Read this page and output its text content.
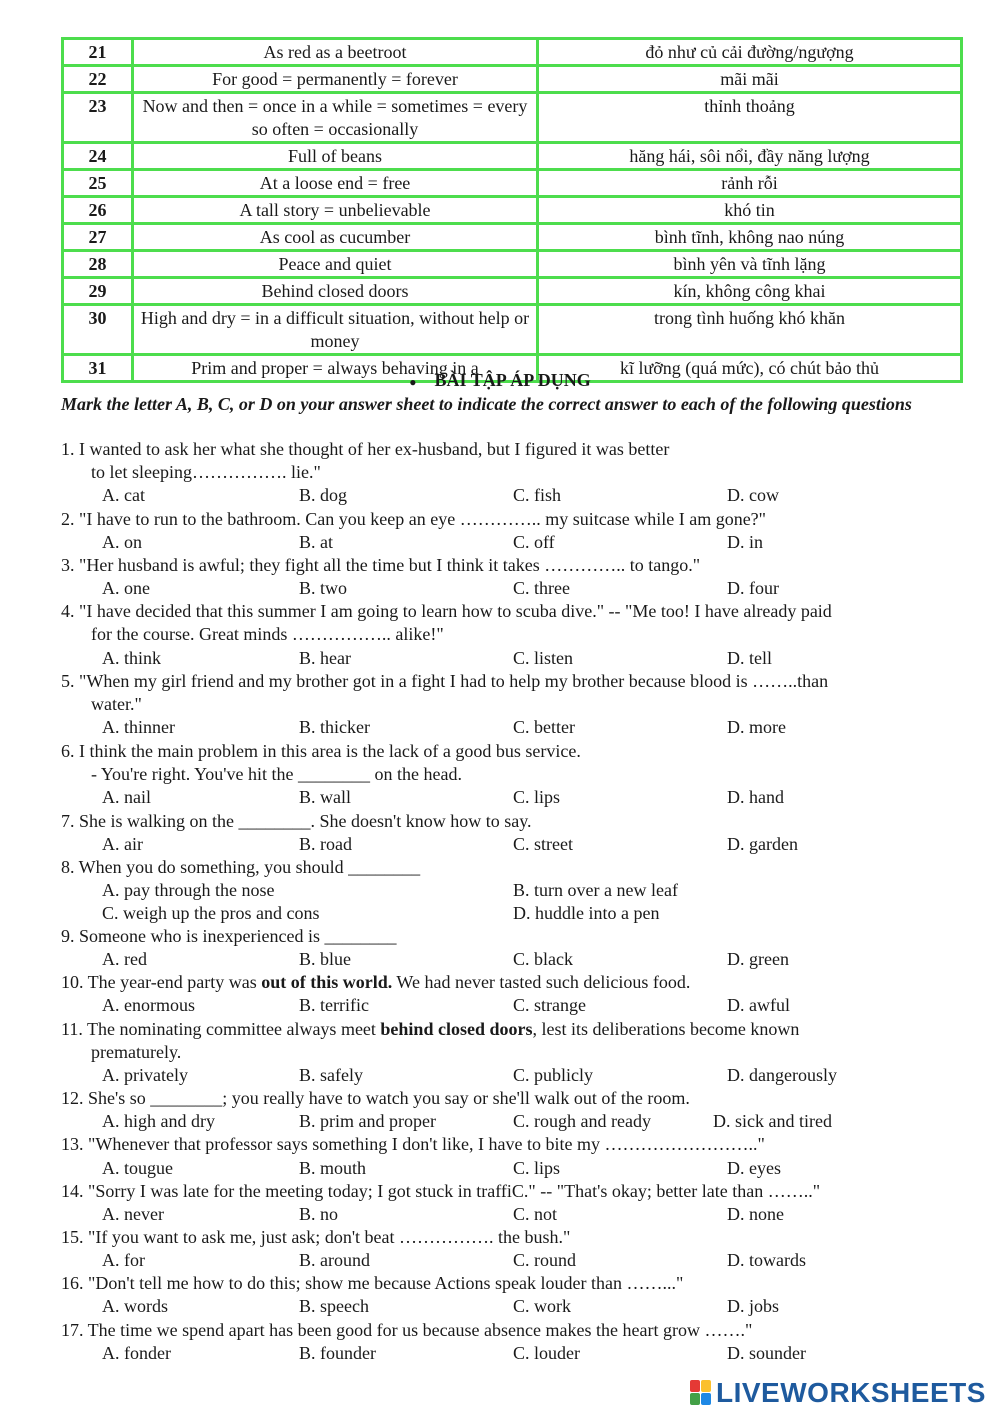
21	As red as a beetroot	đỏ như củ cải đường/ngượng
22	For good = permanently = forever	mãi mãi
23	Now and then = once in a while = sometimes = every so often = occasionally	thỉnh thoảng
24	Full of beans	hăng hái, sôi nổi, đầy năng lượng
25	At a loose end = free	rảnh rỗi
26	A tall story = unbelievable	khó tin
27	As cool as cucumber	bình tĩnh, không nao núng
28	Peace and quiet	bình yên và tĩnh lặng
29	Behind closed doors	kín, không công khai
30	High and dry = in a difficult situation, without help or money	trong tình huống khó khăn
31	Prim and proper = always behaving in a	kĩ lưỡng (quá mức), có chút bảo thủ
● BÀI TẬP ÁP DỤNG
Mark the letter A, B, C, or D on your answer sheet to indicate the correct answer to each of the following questions
1. I wanted to ask her what she thought of her ex-husband, but I figured it was better
to let sleeping……………. lie."
A. cat	B. dog	C. fish	D. cow
2. "I have to run to the bathroom. Can you keep an eye ………….. my suitcase while I am gone?"
A. on	B. at	C. off	D. in
3. "Her husband is awful; they fight all the time but I think it takes ………….. to tango."
A. one	B. two	C. three	D. four
4. "I have decided that this summer I am going to learn how to scuba dive." -- "Me too! I have already paid
for the course. Great minds …………….. alike!"
A. think	B. hear	C. listen	D. tell
5. "When my girl friend and my brother got in a fight I had to help my brother because blood is ……..than
water."
A. thinner	B. thicker	C. better	D. more
6. I think the main problem in this area is the lack of a good bus service.
- You're right. You've hit the ________ on the head.
A. nail	B. wall	C. lips	D. hand
7. She is walking on the ________. She doesn't know how to say.
A. air	B. road	C. street	D. garden
8. When you do something, you should ________
A. pay through the nose	B. turn over a new leaf
C. weigh up the pros and cons	D. huddle into a pen
9. Someone who is inexperienced is ________
A. red	B. blue	C. black	D. green
10. The year-end party was out of this world. We had never tasted such delicious food.
A. enormous	B. terrific	C. strange	D. awful
11. The nominating committee always meet behind closed doors, lest its deliberations become known
prematurely.
A. privately	B. safely	C. publicly	D. dangerously
12. She's so ________; you really have to watch you say or she'll walk out of the room.
A. high and dry	B. prim and proper	C. rough and ready	D. sick and tired
13. "Whenever that professor says something I don't like, I have to bite my …………………….."
A. tougue	B. mouth	C. lips	D. eyes
14. "Sorry I was late for the meeting today; I got stuck in traffiC." -- "That's okay; better late than …….."
A. never	B. no	C. not	D. none
15. "If you want to ask me, just ask; don't beat ……………. the bush."
A. for	B. around	C. round	D. towards
16. "Don't tell me how to do this; show me because Actions speak louder than ……..."
A. words	B. speech	C. work	D. jobs
17. The time we spend apart has been good for us because absence makes the heart grow ……."
A. fonder	B. founder	C. louder	D. sounder
LIVEWORKSHEETS
